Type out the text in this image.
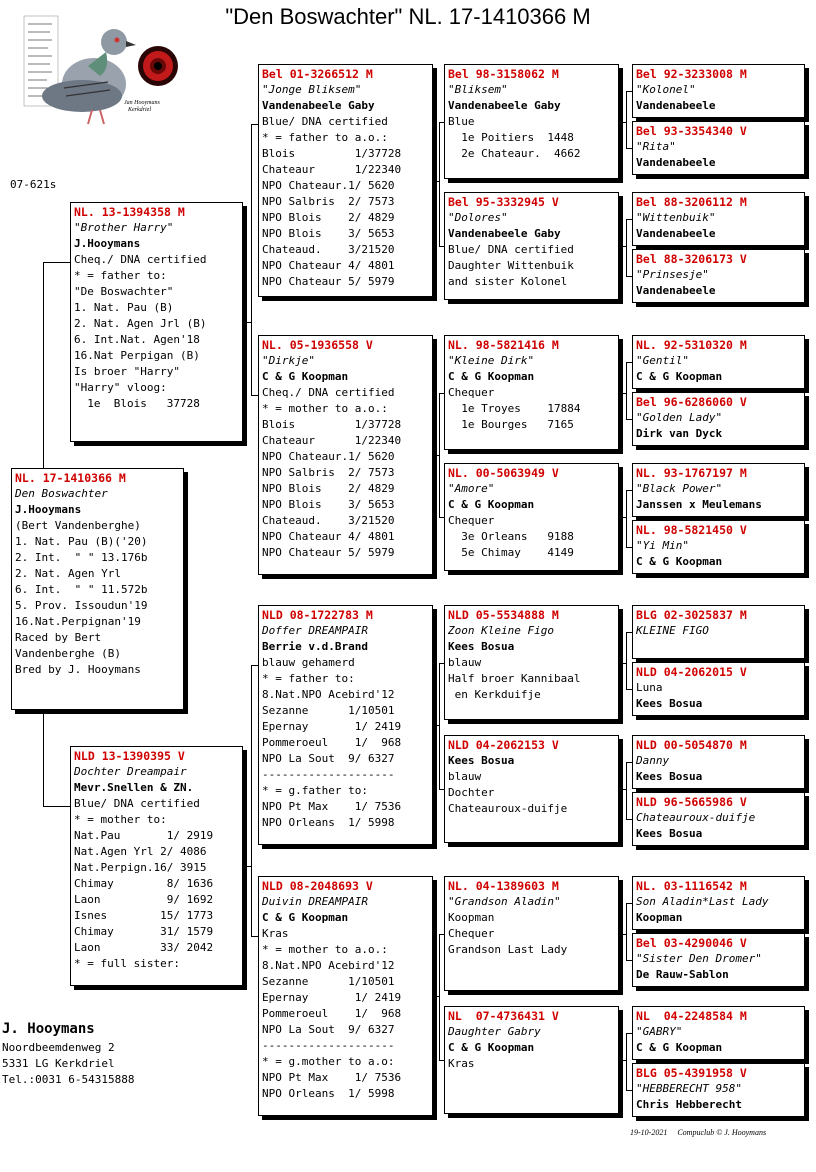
"Den Boswachter" NL. 17-1410366 M
Jan Hooymans
Kerkdriel
07-621s
NL. 17-1410366 M
Den Boswachter
J.Hooymans
(Bert Vandenberghe)
1. Nat. Pau (B)('20)
2. Int.  " " 13.176b
2. Nat. Agen Yrl
6. Int.  " " 11.572b
5. Prov. Issoudun'19
16.Nat.Perpignan'19
Raced by Bert
Vandenberghe (B)
Bred by J. Hooymans
NL. 13-1394358 M
"Brother Harry"
J.Hooymans
Cheq./ DNA certified
* = father to:
"De Boswachter"
1. Nat. Pau (B)
2. Nat. Agen Jrl (B)
6. Int.Nat. Agen'18
16.Nat Perpigan (B)
Is broer "Harry"
"Harry" vloog:
1e  Blois   37728
NLD 13-1390395 V
Dochter Dreampair
Mevr.Snellen & ZN.
Blue/ DNA certified
* = mother to:
Nat.Pau       1/ 2919
Nat.Agen Yrl 2/ 4086
Nat.Perpign.16/ 3915
Chimay        8/ 1636
Laon          9/ 1692
Isnes        15/ 1773
Chimay       31/ 1579
Laon         33/ 2042
* = full sister:
Bel 01-3266512 M
"Jonge Bliksem"
Vandenabeele Gaby
Blue/ DNA certified
* = father to a.o.:
Blois         1/37728
Chateaur      1/22340
NPO Chateaur.1/ 5620
NPO Salbris  2/ 7573
NPO Blois    2/ 4829
NPO Blois    3/ 5653
Chateaud.    3/21520
NPO Chateaur 4/ 4801
NPO Chateaur 5/ 5979
NL. 05-1936558 V
"Dirkje"
C & G Koopman
Cheq./ DNA certified
* = mother to a.o.:
Blois         1/37728
Chateaur      1/22340
NPO Chateaur.1/ 5620
NPO Salbris  2/ 7573
NPO Blois    2/ 4829
NPO Blois    3/ 5653
Chateaud.    3/21520
NPO Chateaur 4/ 4801
NPO Chateaur 5/ 5979
NLD 08-1722783 M
Doffer DREAMPAIR
Berrie v.d.Brand
blauw gehamerd
* = father to:
8.Nat.NPO Acebird'12
Sezanne      1/10501
Epernay       1/ 2419
Pommeroeul    1/  968
NPO La Sout  9/ 6327
--------------------
* = g.father to:
NPO Pt Max    1/ 7536
NPO Orleans  1/ 5998
NLD 08-2048693 V
Duivin DREAMPAIR
C & G Koopman
Kras
* = mother to a.o.:
8.Nat.NPO Acebird'12
Sezanne      1/10501
Epernay       1/ 2419
Pommeroeul    1/  968
NPO La Sout  9/ 6327
--------------------
* = g.mother to a.o:
NPO Pt Max    1/ 7536
NPO Orleans  1/ 5998
Bel 98-3158062 M
"Bliksem"
Vandenabeele Gaby
Blue
1e Poitiers  1448
2e Chateaur.  4662
Bel 95-3332945 V
"Dolores"
Vandenabeele Gaby
Blue/ DNA certified
Daughter Wittenbuik
and sister Kolonel
NL. 98-5821416 M
"Kleine Dirk"
C & G Koopman
Chequer
1e Troyes    17884
1e Bourges   7165
NL. 00-5063949 V
"Amore"
C & G Koopman
Chequer
3e Orleans   9188
5e Chimay    4149
NLD 05-5534888 M
Zoon Kleine Figo
Kees Bosua
blauw
Half broer Kannibaal
en Kerkduifje
NLD 04-2062153 V
Kees Bosua
blauw
Dochter
Chateauroux-duifje
NL. 04-1389603 M
"Grandson Aladin"
Koopman
Chequer
Grandson Last Lady
NL  07-4736431 V
Daughter Gabry
C & G Koopman
Kras
Bel 92-3233008 M
"Kolonel"
Vandenabeele
Bel 93-3354340 V
"Rita"
Vandenabeele
Bel 88-3206112 M
"Wittenbuik"
Vandenabeele
Bel 88-3206173 V
"Prinsesje"
Vandenabeele
NL. 92-5310320 M
"Gentil"
C & G Koopman
Bel 96-6286060 V
"Golden Lady"
Dirk van Dyck
NL. 93-1767197 M
"Black Power"
Janssen x Meulemans
NL. 98-5821450 V
"Yi Min"
C & G Koopman
BLG 02-3025837 M
KLEINE FIGO
NLD 04-2062015 V
Luna
Kees Bosua
NLD 00-5054870 M
Danny
Kees Bosua
NLD 96-5665986 V
Chateauroux-duifje
Kees Bosua
NL. 03-1116542 M
Son Aladin*Last Lady
Koopman
Bel 03-4290046 V
"Sister Den Dromer"
De Rauw-Sablon
NL  04-2248584 M
"GABRY"
C & G Koopman
BLG 05-4391958 V
"HEBBERECHT 958"
Chris Hebberecht
J. Hooymans
Noordbeemdenweg 2
5331 LG Kerkdriel
Tel.:0031 6-54315888
19-10-2021 Compuclub © J. Hooymans
